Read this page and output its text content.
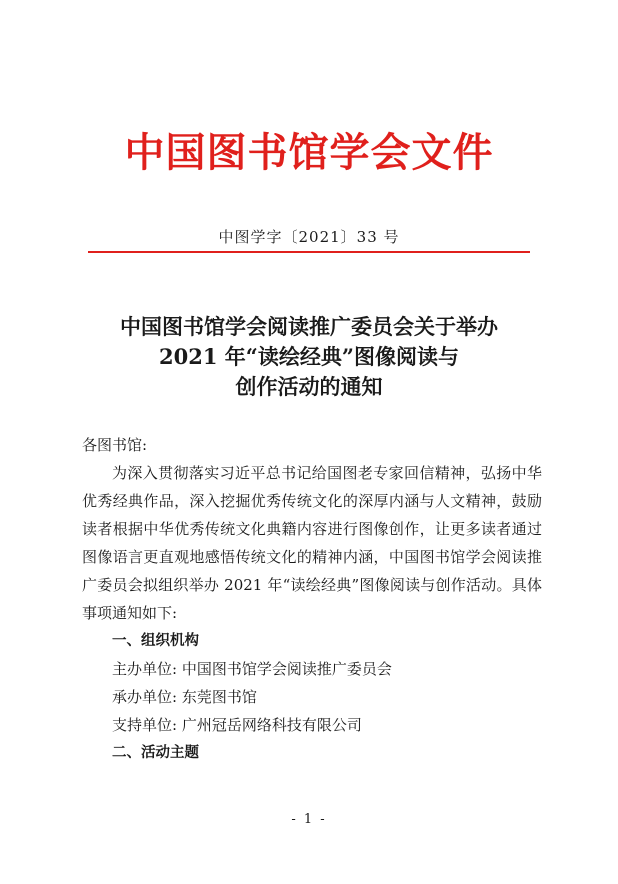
中国图书馆学会文件
中图学字〔2021〕33 号
中国图书馆学会阅读推广委员会关于举办
2021 年“读绘经典”图像阅读与
创作活动的通知
各图书馆:

为深入贯彻落实习近平总书记给国图老专家回信精神，弘扬中华优秀经典作品，深入挖掘优秀传统文化的深厚内涵与人文精神，鼓励读者根据中华优秀传统文化典籍内容进行图像创作，让更多读者通过图像语言更直观地感悟传统文化的精神内涵，中国图书馆学会阅读推广委员会拟组织举办 2021 年“读绘经典”图像阅读与创作活动。具体事项通知如下:

一、组织机构
主办单位: 中国图书馆学会阅读推广委员会
承办单位: 东莞图书馆
支持单位: 广州冠岳网络科技有限公司
二、活动主题
- 1 -
